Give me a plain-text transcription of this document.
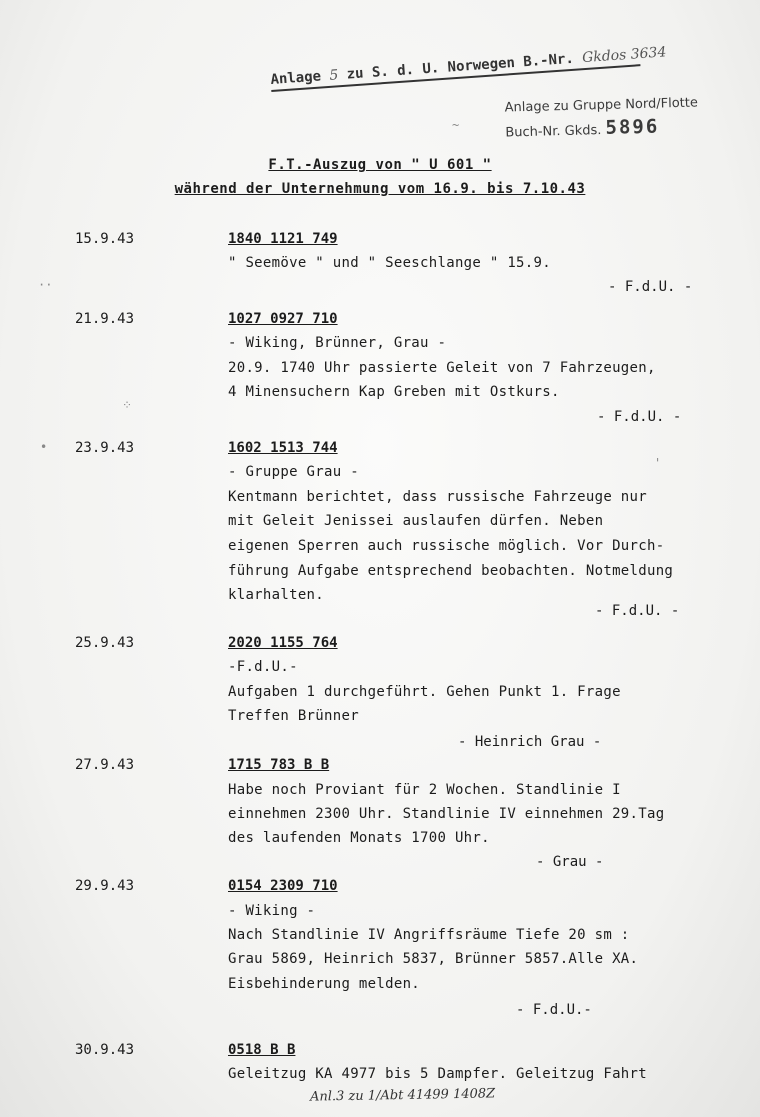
Anlage 5 zu S. d. U. Norwegen B.-Nr. Gkdos 3634
Anlage zu Gruppe Nord/Flotte
Buch-Nr. Gkds. 5896
~
··
⁘
•
'
F.T.-Auszug von " U 601 "
während der Unternehmung vom 16.9. bis 7.10.43
15.9.43	1840 1121 749
" Seemöve " und " Seeschlange " 15.9.
- F.d.U. -
21.9.43	1027 0927 710
- Wiking, Brünner, Grau -
20.9. 1740 Uhr passierte Geleit von 7 Fahrzeugen,
4 Minensuchern Kap Greben mit Ostkurs.
- F.d.U. -
23.9.43	1602 1513 744
- Gruppe Grau -
Kentmann berichtet, dass russische Fahrzeuge nur
mit Geleit Jenissei auslaufen dürfen. Neben
eigenen Sperren auch russische möglich. Vor Durch-
führung Aufgabe entsprechend beobachten. Notmeldung
klarhalten.
- F.d.U. -
25.9.43	2020 1155 764
-F.d.U.-
Aufgaben 1 durchgeführt. Gehen Punkt 1. Frage
Treffen Brünner
- Heinrich Grau -
27.9.43	1715 783 B B
Habe noch Proviant für 2 Wochen. Standlinie I
einnehmen 2300 Uhr. Standlinie IV einnehmen 29.Tag
des laufenden Monats 1700 Uhr.
- Grau -
29.9.43	0154 2309 710
- Wiking -
Nach Standlinie IV Angriffsräume Tiefe 20 sm :
Grau 5869, Heinrich 5837, Brünner 5857.Alle XA.
Eisbehinderung melden.
- F.d.U.-
30.9.43	0518 B B
Geleitzug KA 4977 bis 5 Dampfer. Geleitzug Fahrt
Anl.3 zu 1/Abt 41499 1408Z
